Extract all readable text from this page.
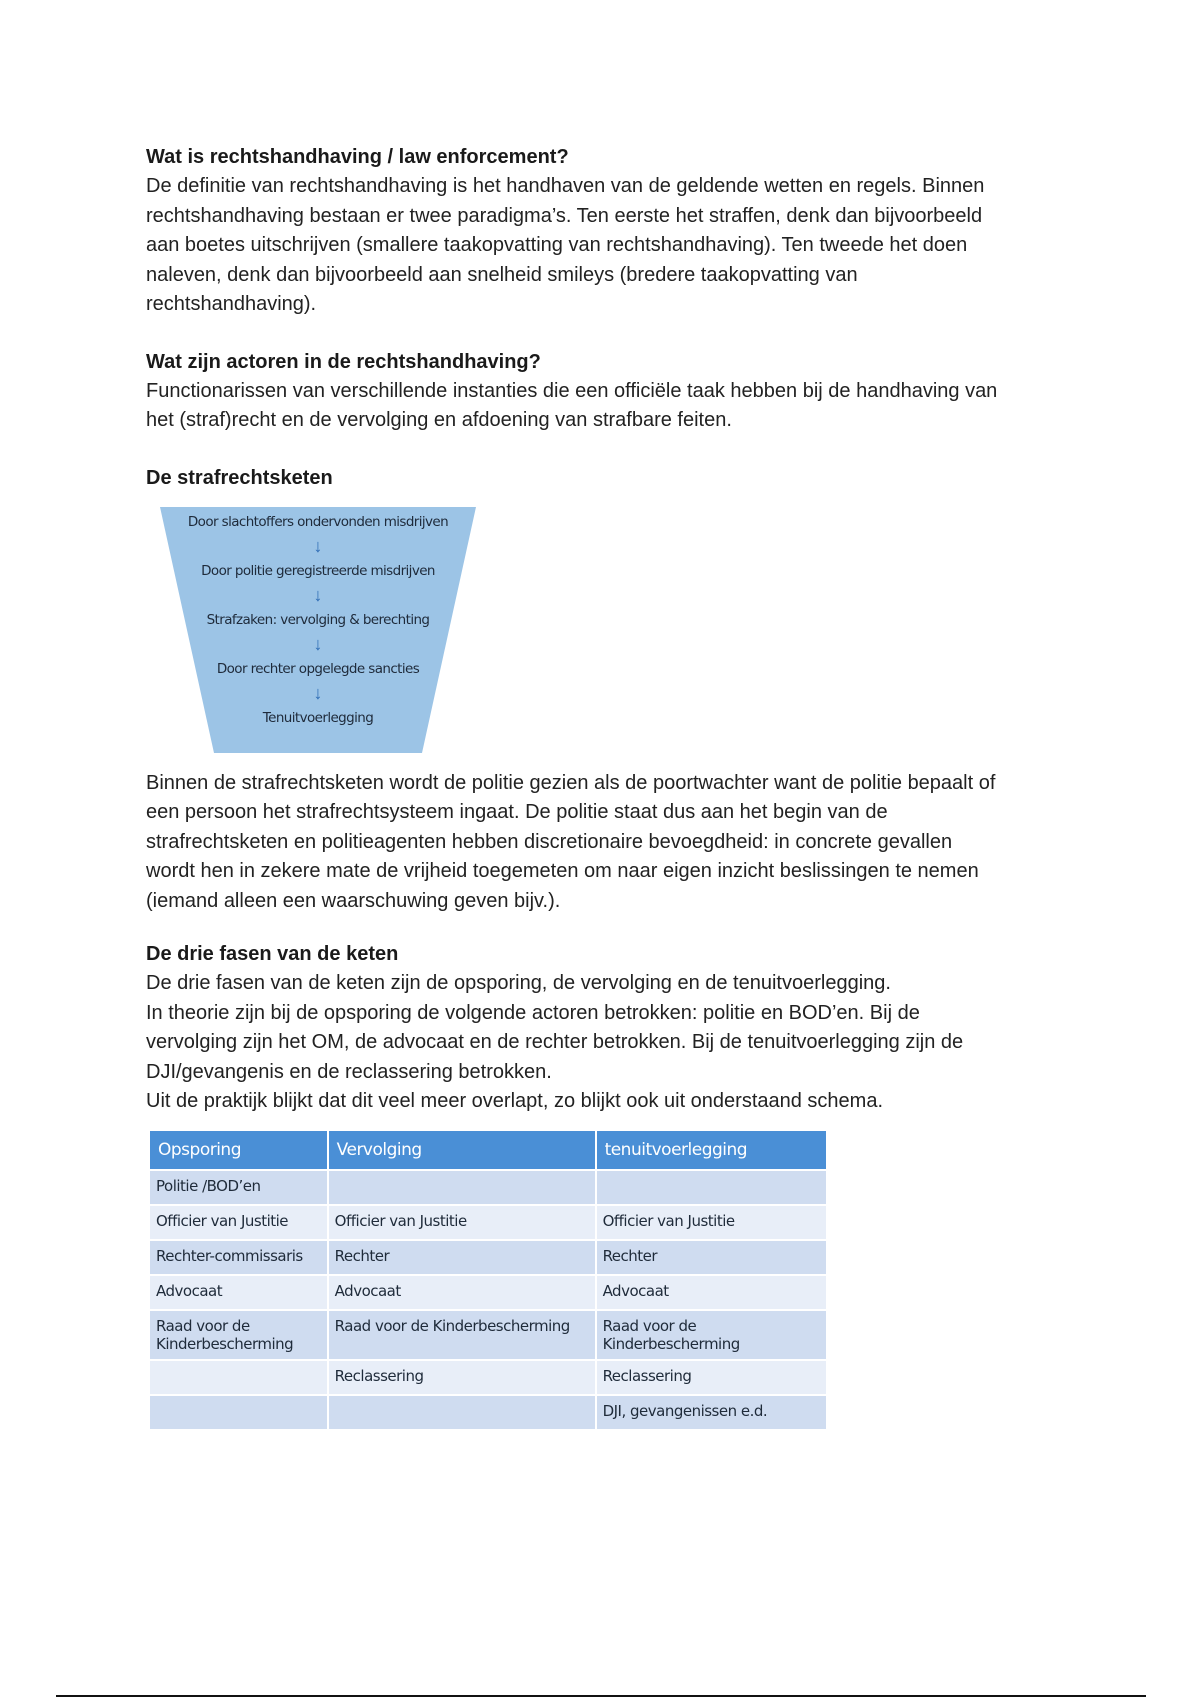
Wat is rechtshandhaving / law enforcement?

De definitie van rechtshandhaving is het handhaven van de geldende wetten en regels. Binnen

rechtshandhaving bestaan er twee paradigma’s. Ten eerste het straffen, denk dan bijvoorbeeld

aan boetes uitschrijven (smallere taakopvatting van rechtshandhaving). Ten tweede het doen

naleven, denk dan bijvoorbeeld aan snelheid smileys (bredere taakopvatting van

rechtshandhaving).

Wat zijn actoren in de rechtshandhaving?

Functionarissen van verschillende instanties die een officiële taak hebben bij de handhaving van

het (straf)recht en de vervolging en afdoening van strafbare feiten.

De strafrechtsketen

Door slachtoffers ondervonden misdrijven
↓
Door politie geregistreerde misdrijven
↓
Strafzaken: vervolging & berechting
↓
Door rechter opgelegde sancties
↓
Tenuitvoerlegging

Binnen de strafrechtsketen wordt de politie gezien als de poortwachter want de politie bepaalt of

een persoon het strafrechtsysteem ingaat. De politie staat dus aan het begin van de

strafrechtsketen en politieagenten hebben discretionaire bevoegdheid: in concrete gevallen

wordt hen in zekere mate de vrijheid toegemeten om naar eigen inzicht beslissingen te nemen

(iemand alleen een waarschuwing geven bijv.).

De drie fasen van de keten

De drie fasen van de keten zijn de opsporing, de vervolging en de tenuitvoerlegging.

In theorie zijn bij de opsporing de volgende actoren betrokken: politie en BOD’en. Bij de

vervolging zijn het OM, de advocaat en de rechter betrokken. Bij de tenuitvoerlegging zijn de

DJI/gevangenis en de reclassering betrokken.

Uit de praktijk blijkt dat dit veel meer overlapt, zo blijkt ook uit onderstaand schema.

Opsporing	Vervolging	tenuitvoerlegging
Politie /BOD’en		
Officier van Justitie	Officier van Justitie	Officier van Justitie
Rechter-commissaris	Rechter	Rechter
Advocaat	Advocaat	Advocaat
Raad voor de Kinderbescherming	Raad voor de Kinderbescherming	Raad voor de Kinderbescherming
	Reclassering	Reclassering
		DJI, gevangenissen e.d.
